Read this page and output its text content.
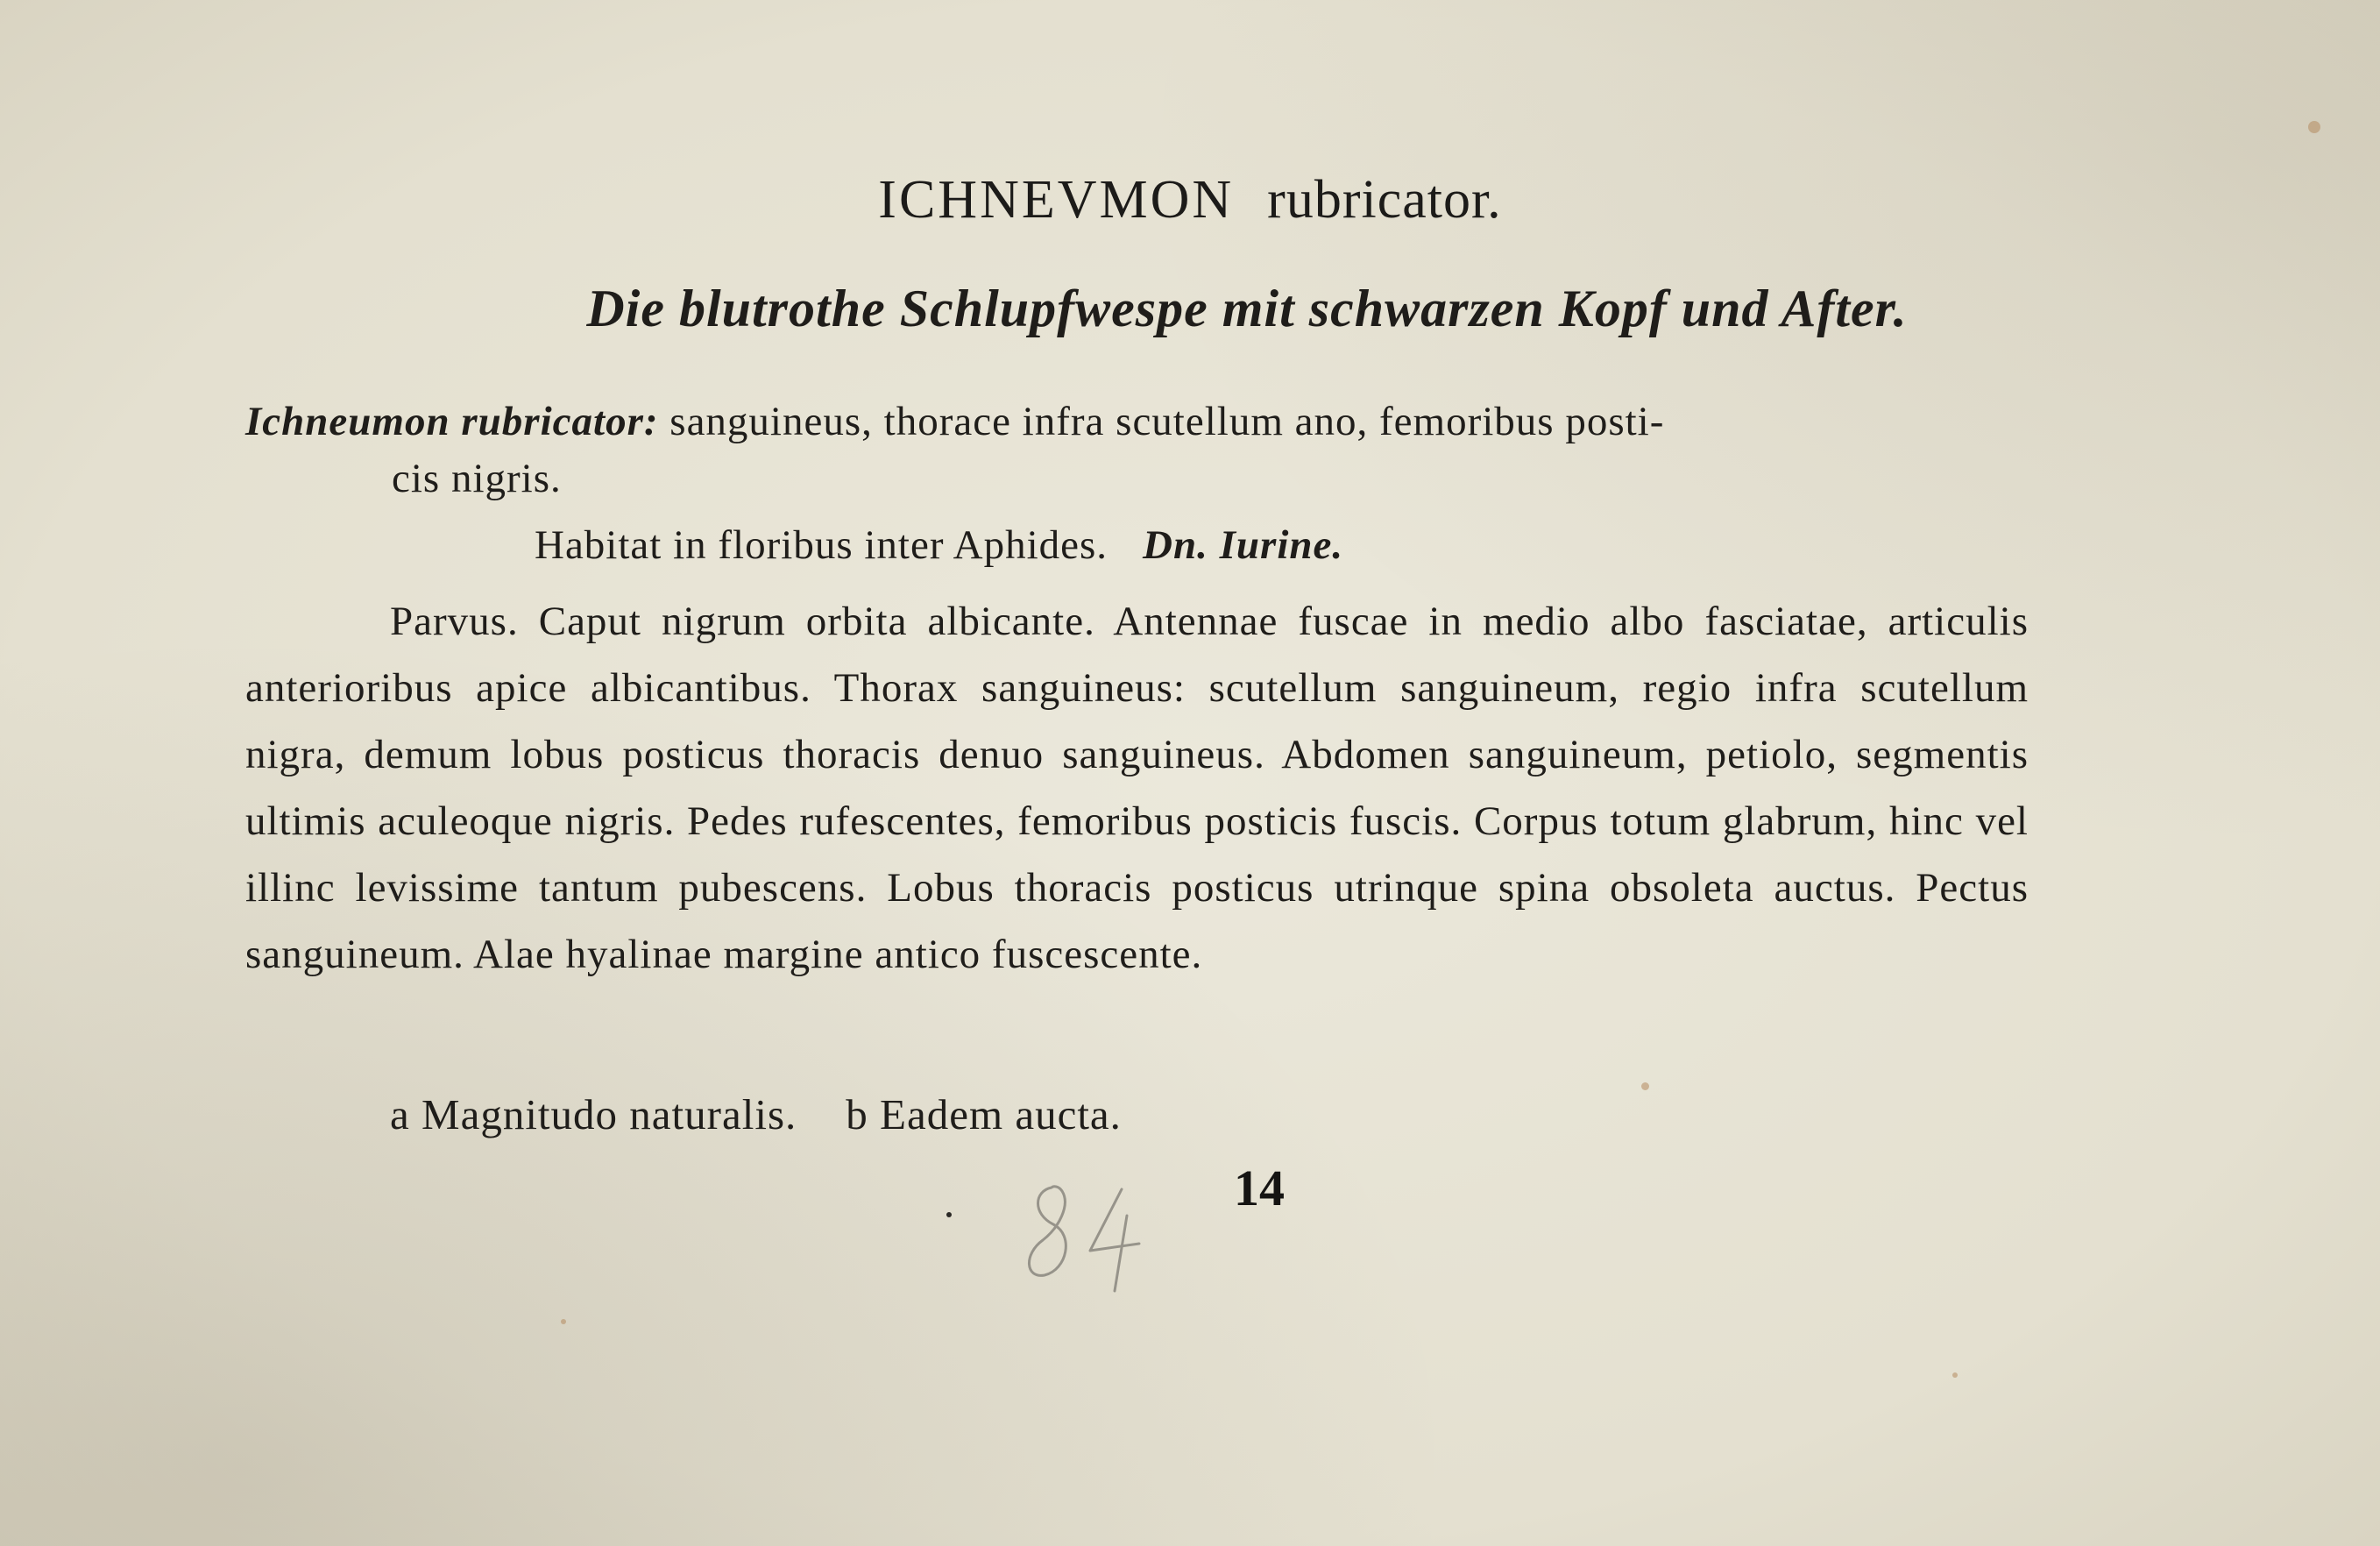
ICHNEVMON rubricator.
Die blutrothe Schlupfwespe mit schwarzen Kopf und After.
Ichneumon rubricator: sanguineus, thorace infra scutellum ano, femoribus posti-
cis nigris.
Habitat in floribus inter Aphides. Dn. Iurine.
Parvus. Caput nigrum orbita albicante. Antennae fuscae in medio albo fasciatae, articulis anterioribus apice albicantibus. Thorax sanguineus: scutellum sanguineum, regio infra scutellum nigra, demum lobus posticus thoracis denuo sanguineus. Abdomen sanguineum, petiolo, segmentis ultimis aculeoque nigris. Pedes rufescentes, femoribus posticis fuscis. Corpus totum glabrum, hinc vel illinc levissime tantum pubescens. Lobus thoracis posticus utrinque spina obsoleta auctus. Pectus sanguineum. Alae hyalinae margine antico fuscescente.
a Magnitudo naturalis. b Eadem aucta.
14
